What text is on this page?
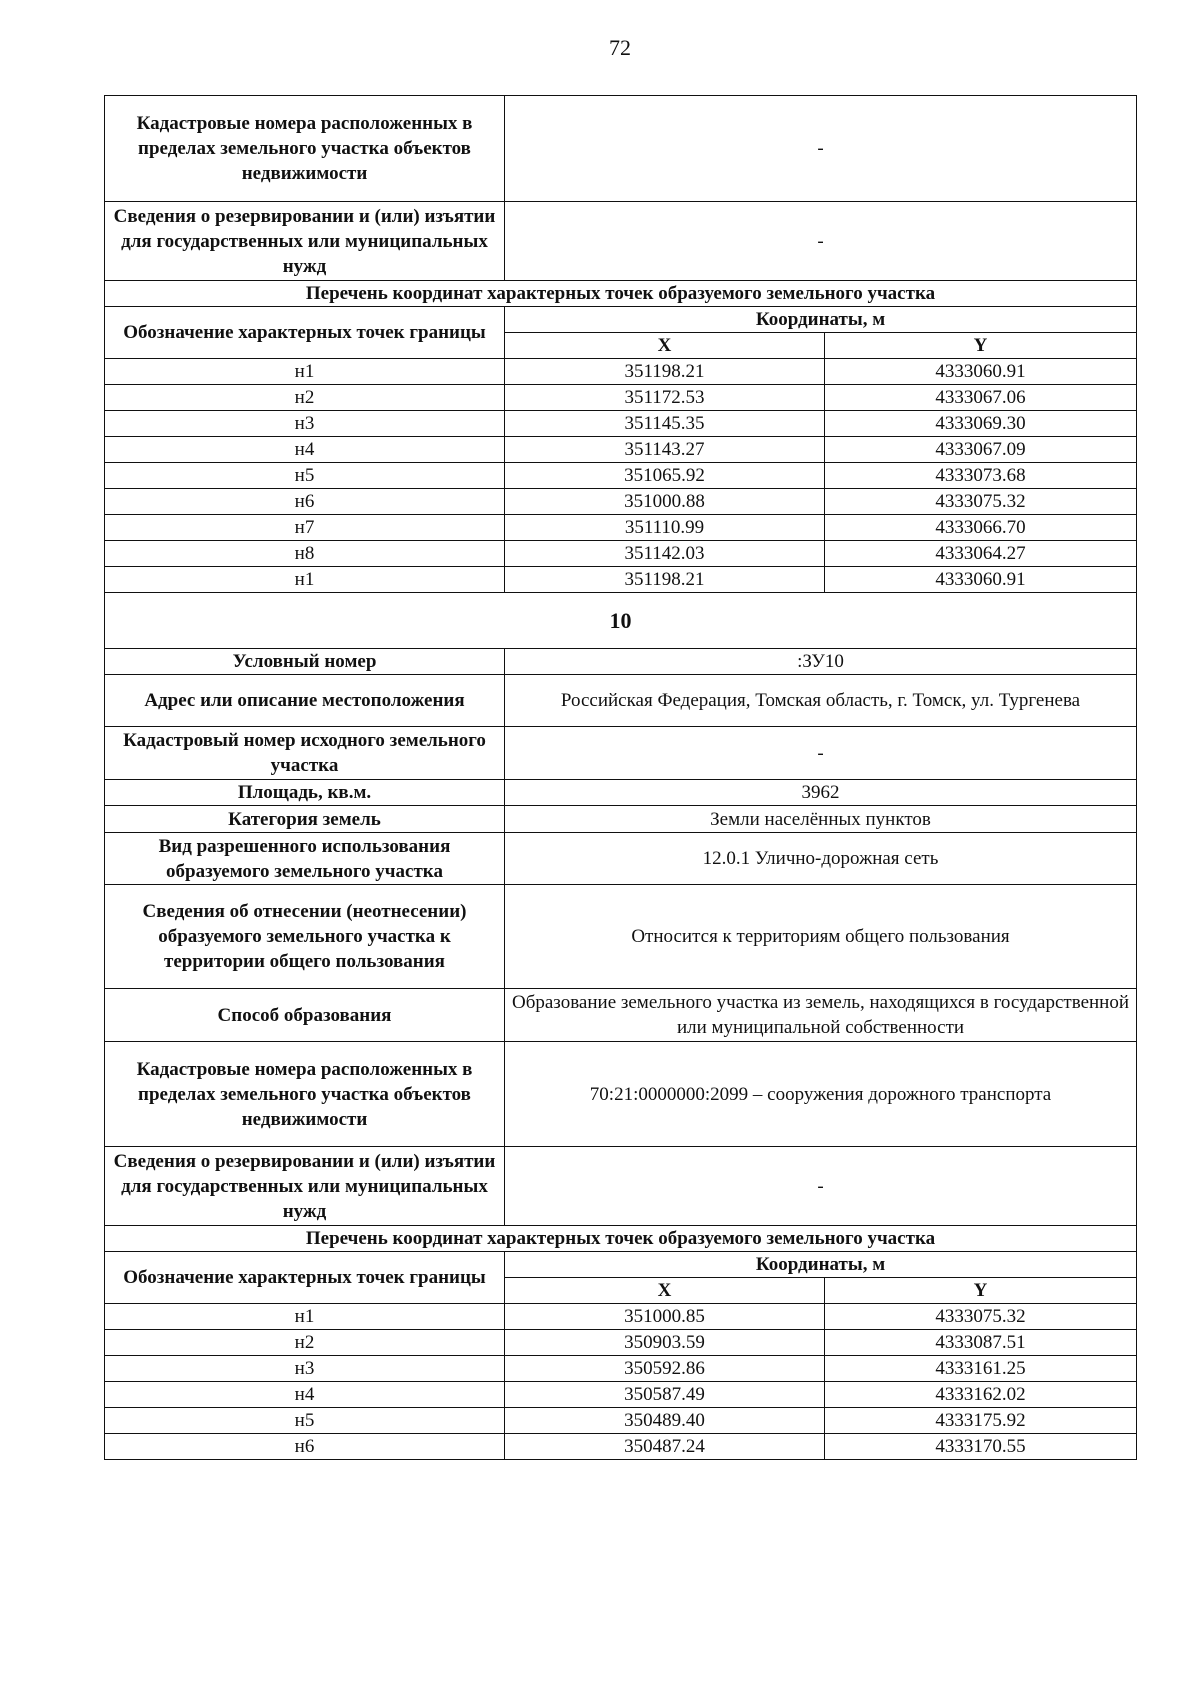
72
Кадастровые номера расположенных в пределах земельного участка объектов недвижимости	-	
Сведения о резервировании и (или) изъятии для государственных или муниципальных нужд	-	
Перечень координат характерных точек образуемого земельного участка		
Обозначение характерных точек границы	Координаты, м	
	X	Y
н1	351198.21	4333060.91
н2	351172.53	4333067.06
н3	351145.35	4333069.30
н4	351143.27	4333067.09
н5	351065.92	4333073.68
н6	351000.88	4333075.32
н7	351110.99	4333066.70
н8	351142.03	4333064.27
н1	351198.21	4333060.91
10		
Условный номер	:ЗУ10	
Адрес или описание местоположения	Российская Федерация, Томская область, г. Томск, ул. Тургенева	
Кадастровый номер исходного земельного участка	-	
Площадь, кв.м.	3962	
Категория земель	Земли населённых пунктов	
Вид разрешенного использования образуемого земельного участка	12.0.1 Улично-дорожная сеть	
Сведения об отнесении (неотнесении) образуемого земельного участка к территории общего пользования	Относится к территориям общего пользования	
Способ образования	Образование земельного участка из земель, находящихся в государственной или муниципальной собственности	
Кадастровые номера расположенных в пределах земельного участка объектов недвижимости	70:21:0000000:2099 – сооружения дорожного транспорта	
Сведения о резервировании и (или) изъятии для государственных или муниципальных нужд	-	
Перечень координат характерных точек образуемого земельного участка		
Обозначение характерных точек границы	Координаты, м	
	X	Y
н1	351000.85	4333075.32
н2	350903.59	4333087.51
н3	350592.86	4333161.25
н4	350587.49	4333162.02
н5	350489.40	4333175.92
н6	350487.24	4333170.55
